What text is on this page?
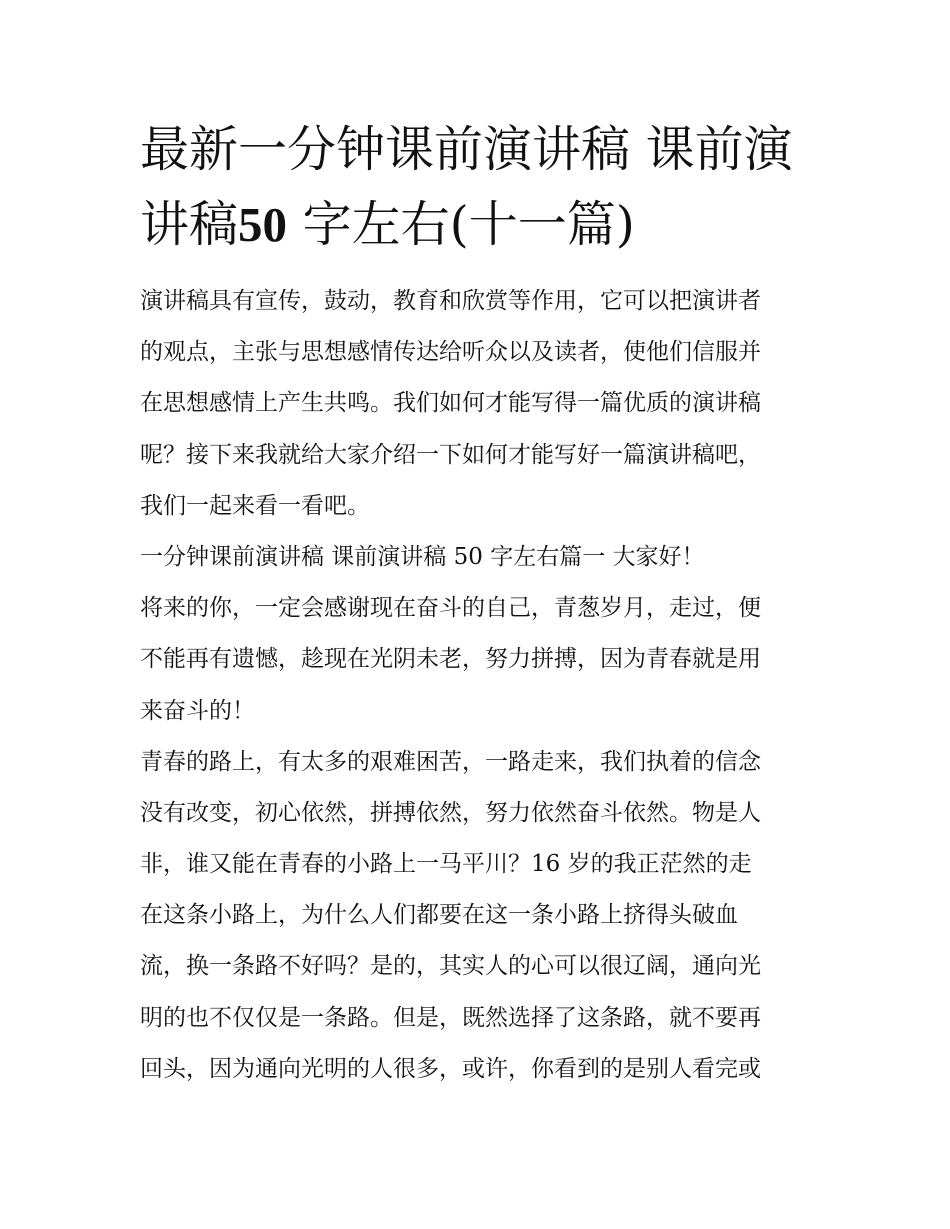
最新一分钟课前演讲稿 课前演
讲稿50 字左右(十一篇)
演讲稿具有宣传，鼓动，教育和欣赏等作用，它可以把演讲者
的观点，主张与思想感情传达给听众以及读者，使他们信服并
在思想感情上产生共鸣。我们如何才能写得一篇优质的演讲稿
呢？接下来我就给大家介绍一下如何才能写好一篇演讲稿吧，
我们一起来看一看吧。
一分钟课前演讲稿 课前演讲稿 50 字左右篇一 大家好！
将来的你，一定会感谢现在奋斗的自己，青葱岁月，走过，便
不能再有遗憾，趁现在光阴未老，努力拼搏，因为青春就是用
来奋斗的！
青春的路上，有太多的艰难困苦，一路走来，我们执着的信念
没有改变，初心依然，拼搏依然，努力依然奋斗依然。物是人
非，谁又能在青春的小路上一马平川？16 岁的我正茫然的走
在这条小路上，为什么人们都要在这一条小路上挤得头破血
流，换一条路不好吗？是的，其实人的心可以很辽阔，通向光
明的也不仅仅是一条路。但是，既然选择了这条路，就不要再
回头，因为通向光明的人很多，或许，你看到的是别人看完或
